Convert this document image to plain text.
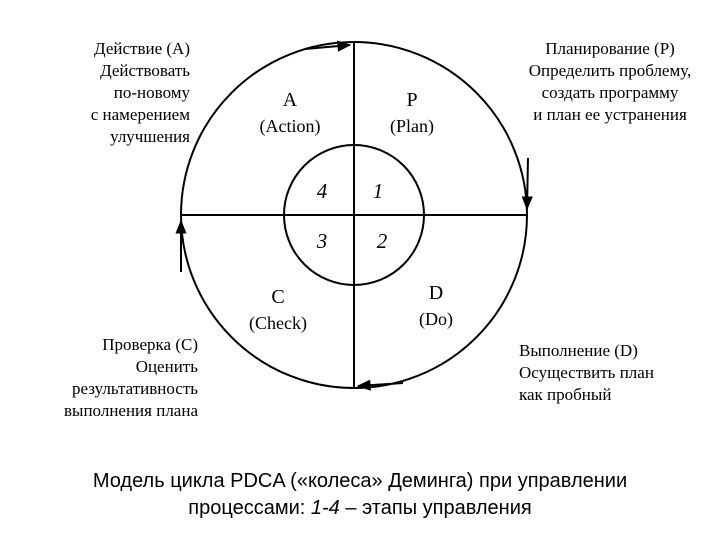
A
(Action)
P
(Plan)
C
(Check)
D
(Do)
1
2
3
4
Действие (А)
Действовать
по-новому
с намерением
улучшения
Планирование (Р)
Определить проблему,
создать программу
и план ее устранения
Проверка (С)
Оценить
результативность
выполнения плана
Выполнение (D)
Осуществить план
как пробный
Модель цикла PDCA («колеса» Деминга) при управлении
процессами: 1-4 – этапы управления
